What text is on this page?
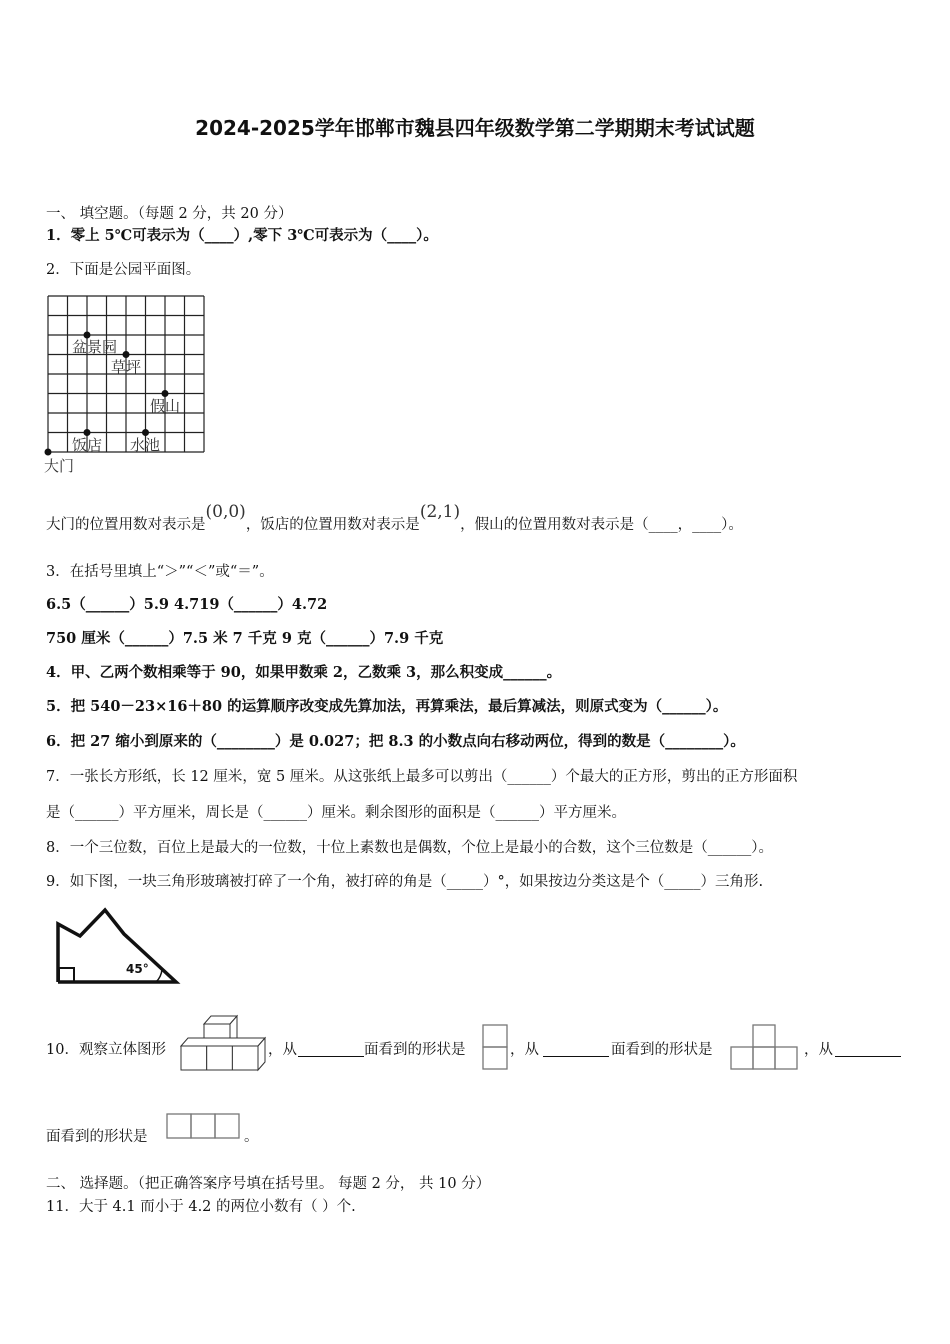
2024-2025学年邯郸市魏县四年级数学第二学期期末考试试题
一、 填空题。（每题 2 分，共 20 分）
1．零上 5℃可表示为（____）,零下 3℃可表示为（____）。
2．下面是公园平面图。
盆景园
草坪
假山
饭店 水池
大门
大门的位置用数对表示是(0,0)，饭店的位置用数对表示是(2,1)，假山的位置用数对表示是（____，____）。
3．在括号里填上“＞”“＜”或“＝”。
6.5（______）5.9 4.719（______）4.72
750 厘米（______）7.5 米 7 千克 9 克（______）7.9 千克
4．甲、乙两个数相乘等于 90，如果甲数乘 2，乙数乘 3，那么积变成______。
5．把 540－23×16＋80 的运算顺序改变成先算加法，再算乘法，最后算减法，则原式变为（______）。
6．把 27 缩小到原来的（________）是 0.027；把 8.3 的小数点向右移动两位，得到的数是（________）。
7．一张长方形纸，长 12 厘米，宽 5 厘米。从这张纸上最多可以剪出（______）个最大的正方形，剪出的正方形面积
是（______）平方厘米，周长是（______）厘米。剩余图形的面积是（______）平方厘米。
8．一个三位数，百位上是最大的一位数，十位上素数也是偶数，个位上是最小的合数，这个三位数是（______）。
9．如下图，一块三角形玻璃被打碎了一个角，被打碎的角是（_____）°，如果按边分类这是个（_____）三角形.
45°
10．观察立体图形	，从	面看到的形状是	，从	面看到的形状是	，从
面看到的形状是	。
二、 选择题。（把正确答案序号填在括号里。 每题 2 分， 共 10 分）
11．大于 4.1 而小于 4.2 的两位小数有（ ）个.
